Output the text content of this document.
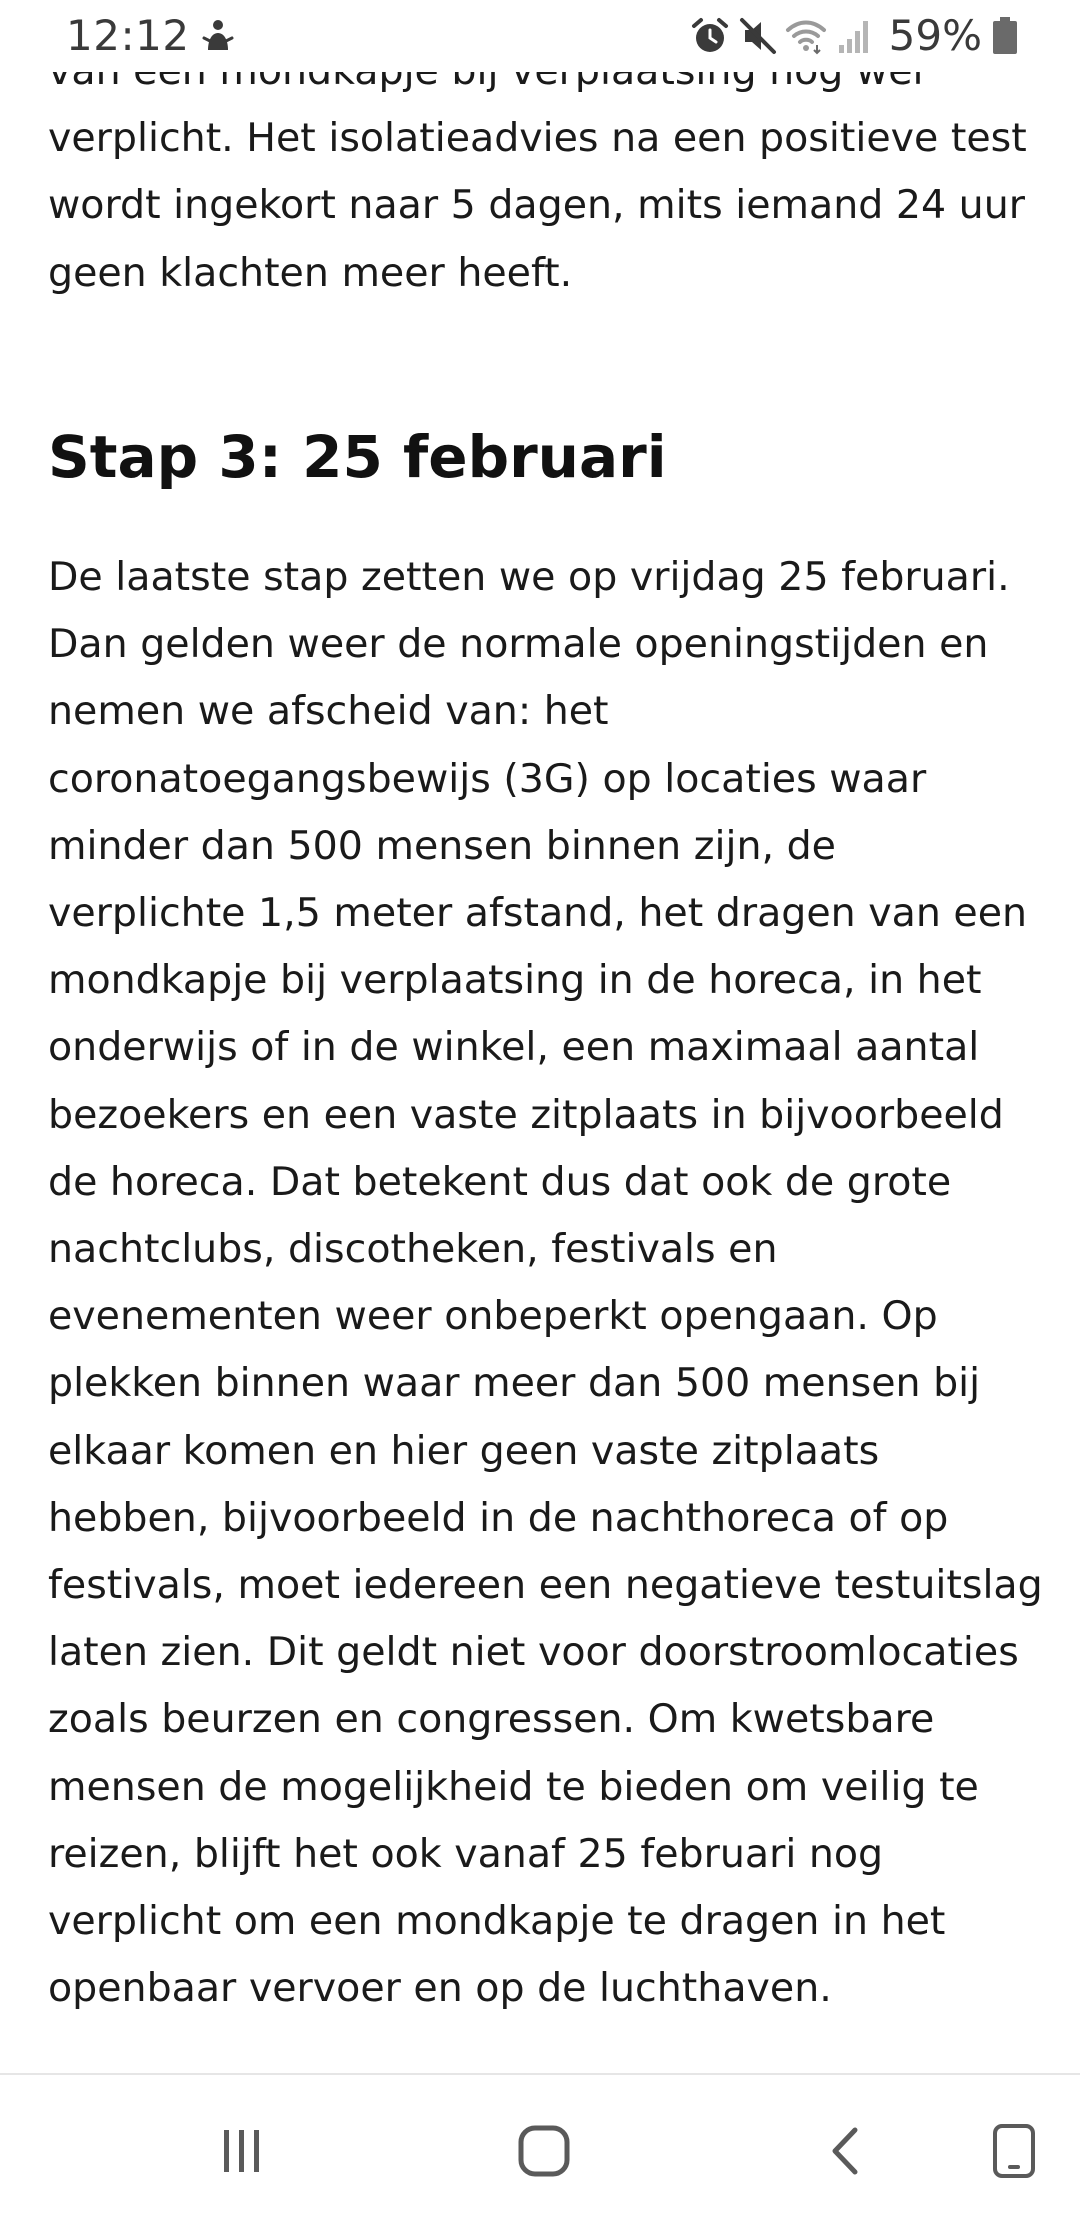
12:12	59%

verplicht. Het isolatieadvies na een positieve test
wordt ingekort naar 5 dagen, mits iemand 24 uur
geen klachten meer heeft.

Stap 3: 25 februari

De laatste stap zetten we op vrijdag 25 februari.
Dan gelden weer de normale openingstijden en
nemen we afscheid van: het
coronatoegangsbewijs (3G) op locaties waar
minder dan 500 mensen binnen zijn, de
verplichte 1,5 meter afstand, het dragen van een
mondkapje bij verplaatsing in de horeca, in het
onderwijs of in de winkel, een maximaal aantal
bezoekers en een vaste zitplaats in bijvoorbeeld
de horeca. Dat betekent dus dat ook de grote
nachtclubs, discotheken, festivals en
evenementen weer onbeperkt opengaan. Op
plekken binnen waar meer dan 500 mensen bij
elkaar komen en hier geen vaste zitplaats
hebben, bijvoorbeeld in de nachthoreca of op
festivals, moet iedereen een negatieve testuitslag
laten zien. Dit geldt niet voor doorstroomlocaties
zoals beurzen en congressen. Om kwetsbare
mensen de mogelijkheid te bieden om veilig te
reizen, blijft het ook vanaf 25 februari nog
verplicht om een mondkapje te dragen in het
openbaar vervoer en op de luchthaven.
